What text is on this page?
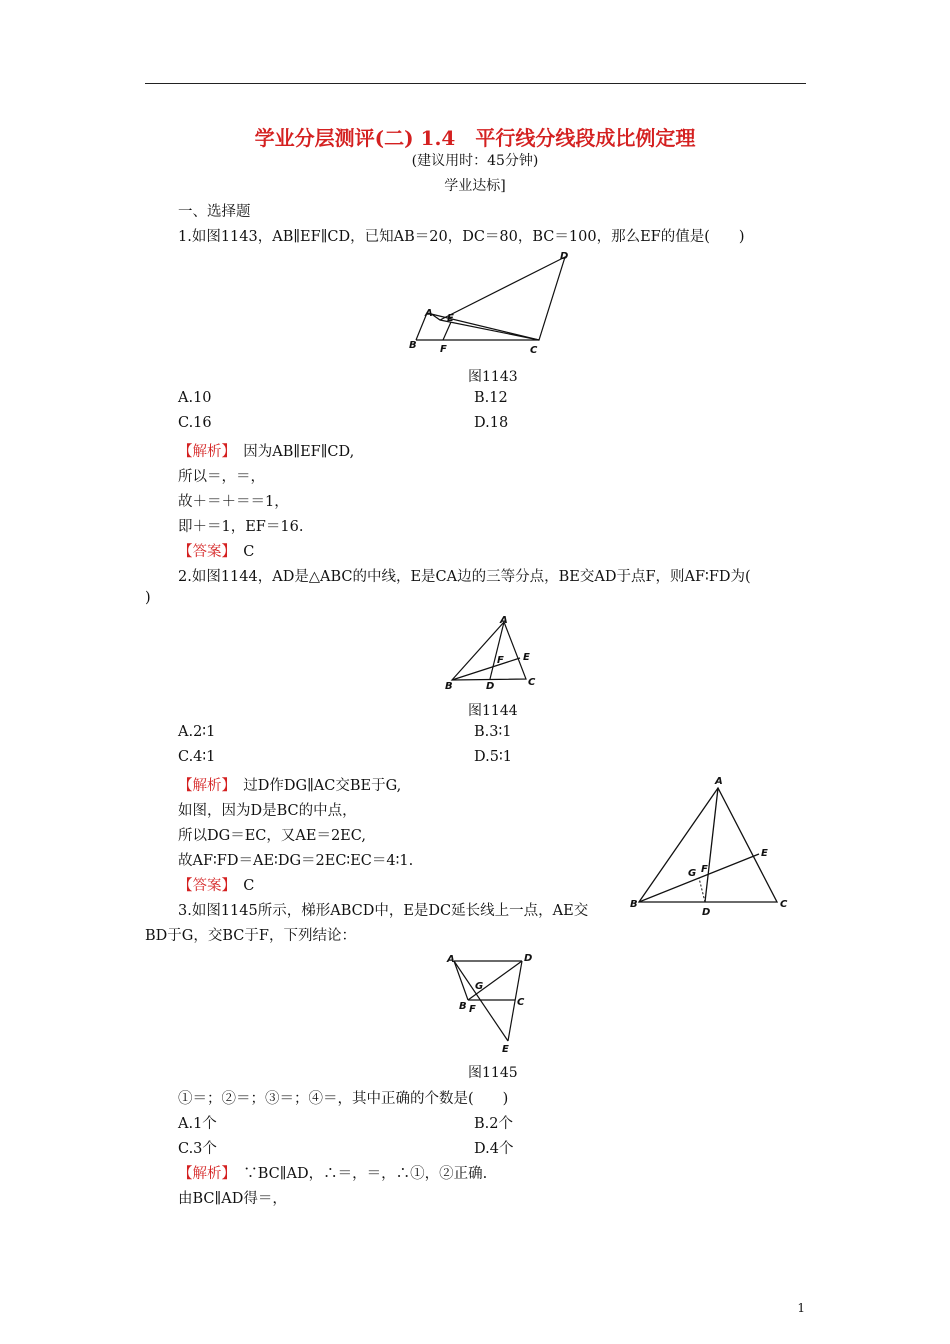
学业分层测评(二) 1.4　平行线分线段成比例定理
(建议用时：45分钟)
学业达标]
一、选择题
1.如图1143，AB∥EF∥CD，已知AB＝20，DC＝80，BC＝100，那么EF的值是(　　)
A
B	C
D
E
F
图1143
A.10	B.12
C.16	D.18
【解析】　 因为AB∥EF∥CD,
所以＝，＝，
故＋＝＋＝＝1，
即＋＝1，EF＝16.
【答案】　 C
2.如图1144，AD是△ABC的中线，E是CA边的三等分点，BE交AD于点F，则AF∶FD为(
)
A
B	C
D
E
F
图1144
A.2∶1	B.3∶1
C.4∶1	D.5∶1
【解析】　 过D作DG∥AC交BE于G,
如图，因为D是BC的中点，
所以DG＝EC，又AE＝2EC,
故AF∶FD＝AE∶DG＝2EC∶EC＝4∶1.
【答案】　 C
A
B	C
D
E
F
G
3.如图1145所示，梯形ABCD中，E是DC延长线上一点，AE交
BD于G，交BC于F，下列结论：
A
B	C
D
E
F
G
图1145
①＝；②＝；③＝；④＝，其中正确的个数是(　　)
A.1个	B.2个
C.3个	D.4个
【解析】　 ∵BC∥AD，∴＝，＝，∴①，②正确.
由BC∥AD得＝，
1
